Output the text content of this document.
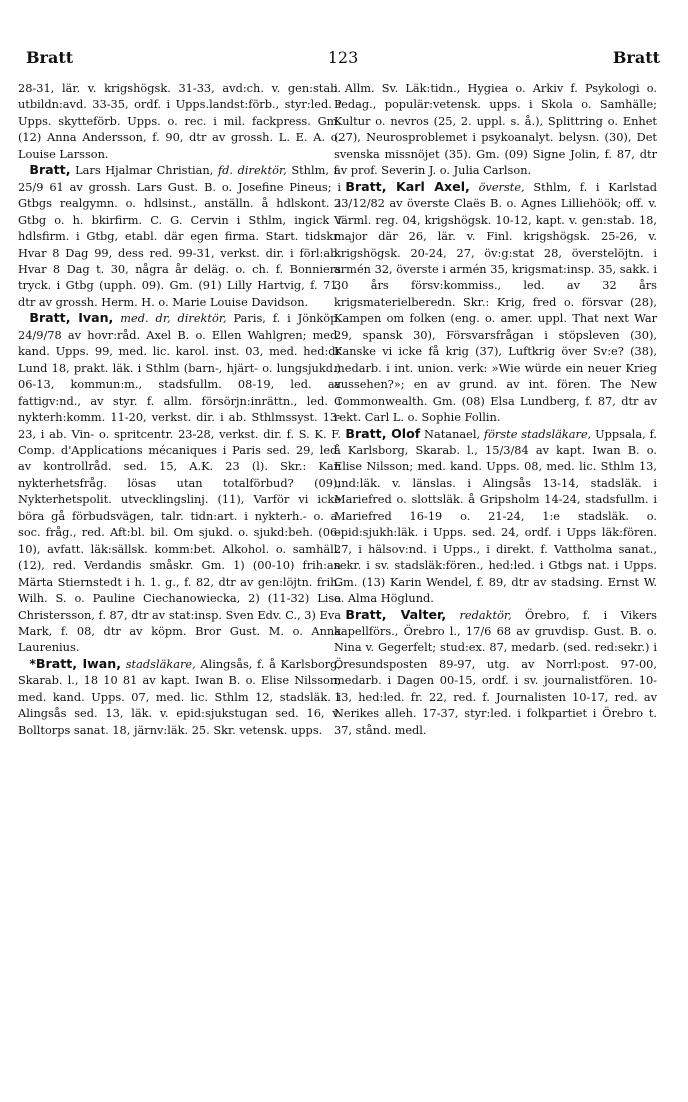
Bratt	123	Bratt

28-31, lär. v. krigshögsk. 31-33, avd:ch. v. gen:stab. utbildn:avd. 33-35, ordf. i Upps.landst:förb., styr:led. i Upps. skytteförb. Upps. o. rec. i mil. fackpress. Gm. (12) Anna Andersson, f. 90, dtr av grossh. L. E. A. o. Louise Larsson.

 Bratt, Lars Hjalmar Christian, fd. direktör, Sthlm, f. 25/9 61 av grossh. Lars Gust. B. o. Josefine Pineus; i Gtbgs realgymn. o. hdlsinst., anställn. å hdlskont. i Gtbg o. h. bkirfirm. C. G. Cervin i Sthlm, ingick i hdlsfirm. i Gtbg, etabl. där egen firma. Start. tidskr. Hvar 8 Dag 99, dess red. 99-31, verkst. dir. i förl:ab. Hvar 8 Dag t. 30, några år deläg. o. ch. f. Bonniers tryck. i Gtbg (upph. 09). Gm. (91) Lilly Hartvig, f. 71, dtr av grossh. Herm. H. o. Marie Louise Davidson.

 Bratt, Ivan, med. dr, direktör, Paris, f. i Jönköp. 24/9/78 av hovr:råd. Axel B. o. Ellen Wahlgren; med. kand. Upps. 99, med. lic. karol. inst. 03, med. hed:dr Lund 18, prakt. läk. i Sthlm (barn-, hjärt- o. lungsjukd.) 06-13, kommun:m., stadsfullm. 08-19, led. av fattigv:nd., av styr. f. allm. försörjn:inrättn., led. i nykterh:komm. 11-20, verkst. dir. i ab. Sthlmssyst. 13-23, i ab. Vin- o. spritcentr. 23-28, verkst. dir. f. S. K. F. Comp. d'Applications mécaniques i Paris sed. 29, led. av kontrollråd. sed. 15, A.K. 23 (l). Skr.: Kan nykterhetsfråg. lösas utan totalförbud? (09), Nykterhetspolit. utvecklingslinj. (11), Varför vi icke böra gå förbudsvägen, talr. tidn:art. i nykterh.- o. a. soc. fråg., red. Aft:bl. bil. Om sjukd. o. sjukd:beh. (06-10), avfatt. läk:sällsk. komm:bet. Alkohol. o. samhäll. (12), red. Verdandis småskr. Gm. 1) (00-10) frih:an Märta Stiernstedt i h. 1. g., f. 82, dtr av gen:löjtn. frih. Wilh. S. o. Pauline Ciechanowiecka, 2) (11-32) Lisa Christersson, f. 87, dtr av stat:insp. Sven Edv. C., 3) Eva Mark, f. 08, dtr av köpm. Bror Gust. M. o. Anna Laurenius.

 *Bratt, Iwan, stadsläkare, Alingsås, f. å Karlsborg, Skarab. l., 18 10 81 av kapt. Iwan B. o. Elise Nilsson; med. kand. Upps. 07, med. lic. Sthlm 12, stadsläk. i Alingsås sed. 13, läk. v. epid:sjukstugan sed. 16, v. Bolltorps sanat. 18, järnv:läk. 25. Skr. vetensk. upps.

i Allm. Sv. Läk:tidn., Hygiea o. Arkiv f. Psykologi o. Pedag., populär:vetensk. upps. i Skola o. Samhälle; Kultur o. nevros (25, 2. uppl. s. å.), Splittring o. Enhet (27), Neurosproblemet i psykoanalyt. belysn. (30), Det svenska missnöjet (35). Gm. (09) Signe Jolin, f. 87, dtr av prof. Severin J. o. Julia Carlson.

 Bratt, Karl Axel, överste, Sthlm, f. i Karlstad 23/12/82 av överste Claës B. o. Agnes Lilliehöök; off. v. Värml. reg. 04, krigshögsk. 10-12, kapt. v. gen:stab. 18, major där 26, lär. v. Finl. krigshögsk. 25-26, v. krigshögsk. 20-24, 27, öv:g:stat 28, överstelöjtn. i armén 32, överste i armén 35, krigsmat:insp. 35, sakk. i 30 års försv:kommiss., led. av 32 års krigsmaterielberedn. Skr.: Krig, fred o. försvar (28), Kampen om folken (eng. o. amer. uppl. That next War 29, spansk 30), Försvarsfrågan i stöpsleven (30), Kanske vi icke få krig (37), Luftkrig över Sv:e? (38), medarb. i int. union. verk: »Wie würde ein neuer Krieg aussehen?»; en av grund. av int. fören. The New Commonwealth. Gm. (08) Elsa Lundberg, f. 87, dtr av rekt. Carl L. o. Sophie Follin.

 Bratt, Olof Natanael, förste stadsläkare, Uppsala, f. å Karlsborg, Skarab. l., 15/3/84 av kapt. Iwan B. o. Elise Nilsson; med. kand. Upps. 08, med. lic. Sthlm 13, und:läk. v. länslas. i Alingsås 13-14, stadsläk. i Mariefred o. slottsläk. å Gripsholm 14-24, stadsfullm. i Mariefred 16-19 o. 21-24, 1:e stadsläk. o. epid:sjukh:läk. i Upps. sed. 24, ordf. i Upps läk:fören. 27, i hälsov:nd. i Upps., i direkt. f. Vattholma sanat., sekr. i sv. stadsläk:fören., hed:led. i Gtbgs nat. i Upps. Gm. (13) Karin Wendel, f. 89, dtr av stadsing. Ernst W. o. Alma Höglund.

 Bratt, Valter, redaktör, Örebro, f. i Vikers kapellförs., Örebro l., 17/6 68 av gruvdisp. Gust. B. o. Nina v. Gegerfelt; stud:ex. 87, medarb. (sed. red:sekr.) i Öresundsposten 89-97, utg. av Norrl:post. 97-00, medarb. i Dagen 00-15, ordf. i sv. journalistfören. 10-13, hed:led. fr. 22, red. f. Journalisten 10-17, red. av Nerikes alleh. 17-37, styr:led. i folkpartiet i Örebro t. 37, stånd. medl.
